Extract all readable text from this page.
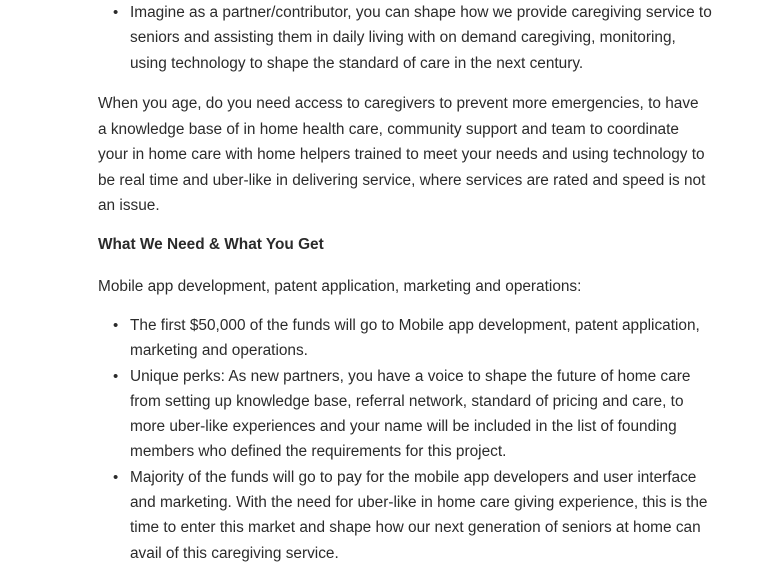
• Imagine as a partner/contributor, you can shape how we provide caregiving service to seniors and assisting them in daily living with on demand caregiving, monitoring, using technology to shape the standard of care in the next century.

When you age, do you need access to caregivers to prevent more emergencies, to have a knowledge base of in home health care, community support and team to coordinate your in home care with home helpers trained to meet your needs and using technology to be real time and uber-like in delivering service, where services are rated and speed is not an issue.

What We Need & What You Get

Mobile app development, patent application, marketing and operations:

• The first $50,000 of the funds will go to Mobile app development, patent application, marketing and operations.
• Unique perks: As new partners, you have a voice to shape the future of home care from setting up knowledge base, referral network, standard of pricing and care, to more uber-like experiences and your name will be included in the list of founding members who defined the requirements for this project.
• Majority of the funds will go to pay for the mobile app developers and user interface and marketing. With the need for uber-like in home care giving experience, this is the time to enter this market and shape how our next generation of seniors at home can avail of this caregiving service.
